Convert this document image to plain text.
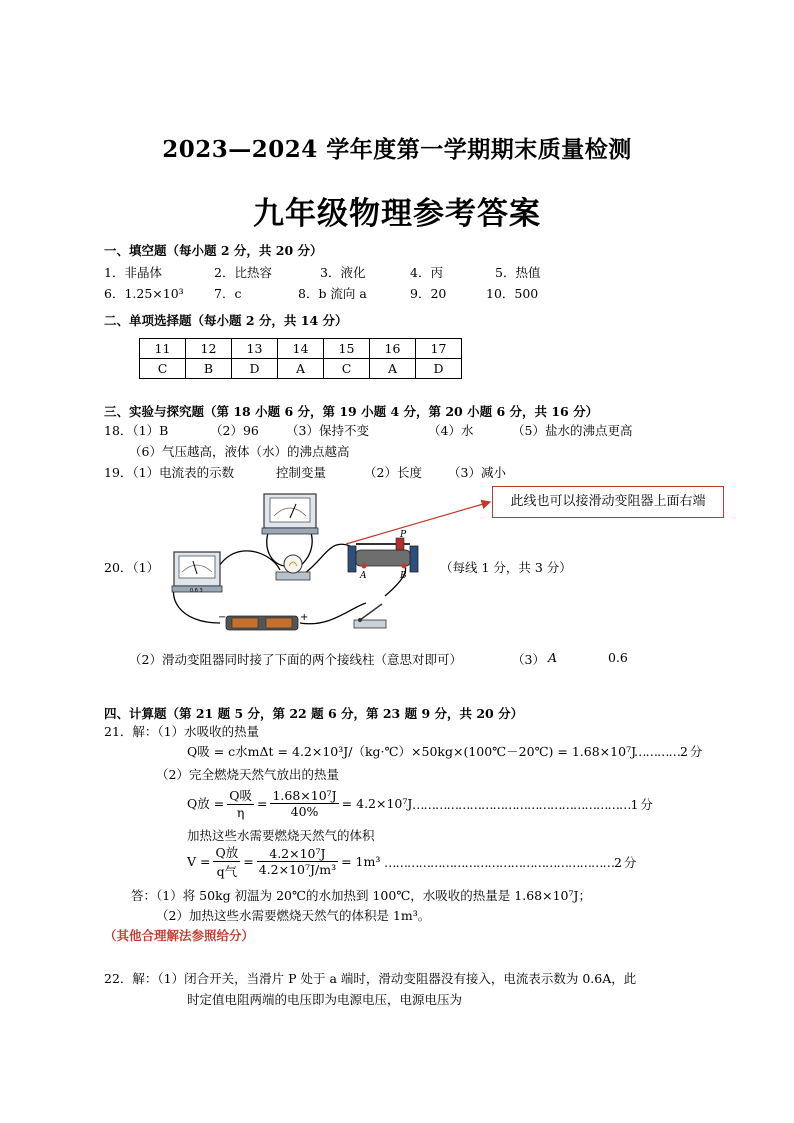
2023—2024 学年度第一学期期末质量检测
九年级物理参考答案
一、填空题（每小题 2 分，共 20 分）
1．非晶体	2．比热容	3．液化	4．丙	5．热值
6．1.25×10³ 7．c	8．b 流向 a	9．20	10．500
二、单项选择题（每小题 2 分，共 14 分）
11	12	13	14	15	16	17
C	B	D	A	C	A	D
三、实验与探究题（第 18 小题 6 分，第 19 小题 4 分，第 20 小题 6 分，共 16 分）
18．（1）B	（2）96 （3）保持不变	（4）水	（5）盐水的沸点更高
（6）气压越高，液体（水）的沸点越高
19．（1）电流表的示数	控制变量	（2）长度 （3）减小
20．（1）	（每线 1 分，共 3 分）
此线也可以接滑动变阻器上面右端
0.6 3
P
A	B
−	+
（2）滑动变阻器同时接了下面的两个接线柱（意思对即可）	（3） A	0.6
四、计算题（第 21 题 5 分，第 22 题 6 分，第 23 题 9 分，共 20 分）
21．解：（1）水吸收的热量
Q吸 = c水mΔt = 4.2×10³J/（kg·℃）×50kg×(100℃－20℃) = 1.68×10⁷J
…………2 分
（2）完全燃烧天然气放出的热量
Q放 = $\frac{\text{Q吸}}{\eta} = \frac{\text{1.68×10⁷J}}{40\%} = 4.2\times 10^7J$ …………………………………………………1 分
加热这些水需要燃烧天然气的体积
$V = \frac{\text{Q放}}{\text{q气}} = \frac{\text{4.2×10⁷J}}{\text{4.2×10⁷J/m³}} = 1m^3$ ……………………………………………………2 分
答：（1）将 50kg 初温为 20℃的水加热到 100℃，水吸收的热量是 1.68×10⁷J；
（2）加热这些水需要燃烧天然气的体积是 1m³。
（其他合理解法参照给分）
22．解：（1）闭合开关，当滑片 P 处于 a 端时，滑动变阻器没有接入，电流表示数为 0.6A，此
时定值电阻两端的电压即为电源电压，电源电压为
